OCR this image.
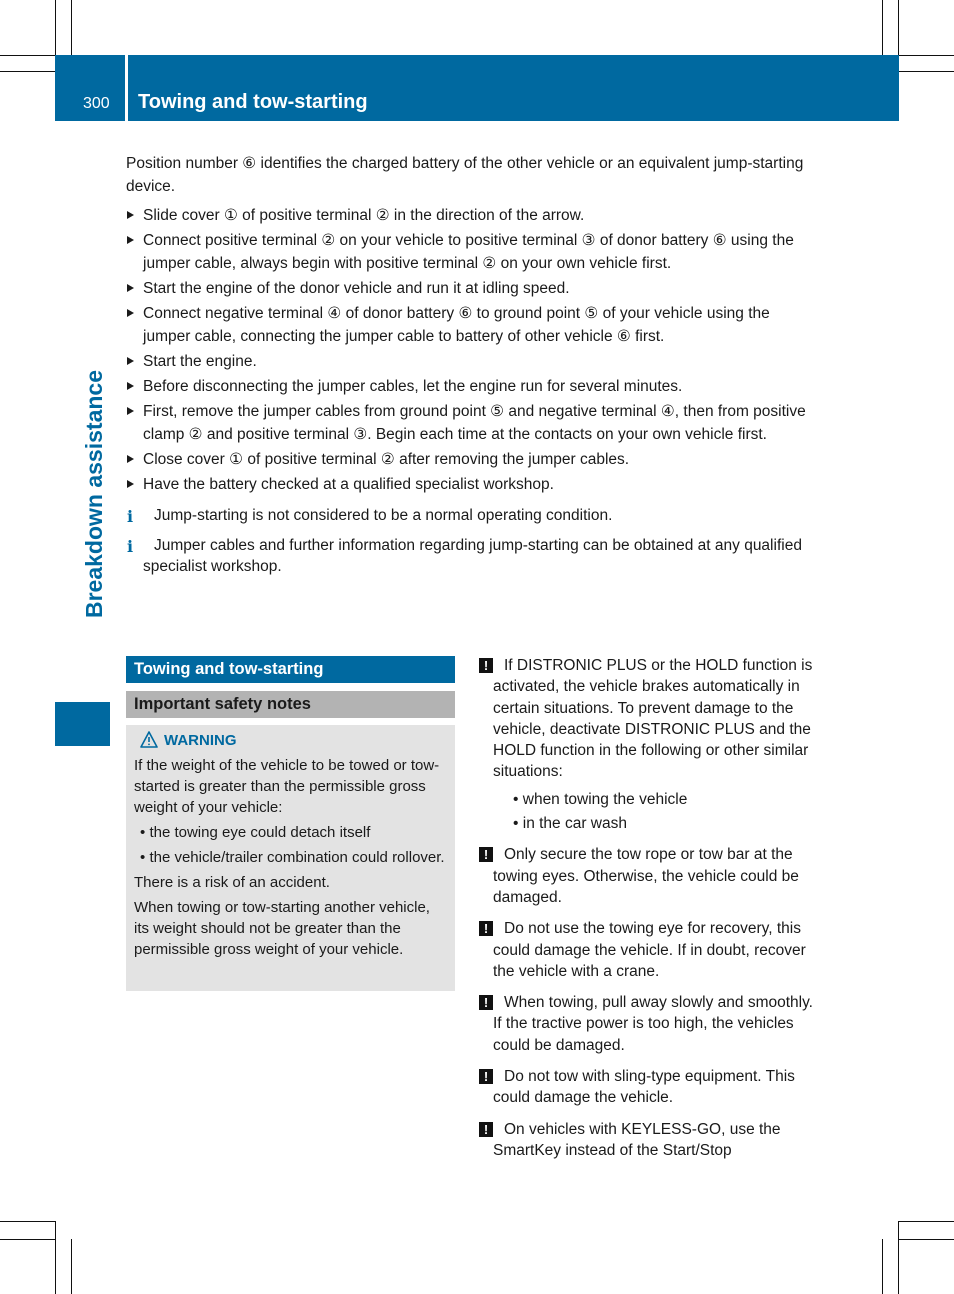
300 Towing and tow-starting
Breakdown assistance

Position number ⑥ identifies the charged battery of the other vehicle or an equivalent jump-starting device.

Slide cover ① of positive terminal ② in the direction of the arrow.
Connect positive terminal ② on your vehicle to positive terminal ③ of donor battery ⑥ using the jumper cable, always begin with positive terminal ② on your own vehicle first.
Start the engine of the donor vehicle and run it at idling speed.
Connect negative terminal ④ of donor battery ⑥ to ground point ⑤ of your vehicle using the jumper cable, connecting the jumper cable to battery of other vehicle ⑥ first.
Start the engine.
Before disconnecting the jumper cables, let the engine run for several minutes.
First, remove the jumper cables from ground point ⑤ and negative terminal ④, then from positive clamp ② and positive terminal ③. Begin each time at the contacts on your own vehicle first.
Close cover ① of positive terminal ② after removing the jumper cables.
Have the battery checked at a qualified specialist workshop.
i	Jump-starting is not considered to be a normal operating condition.

i	Jumper cables and further information regarding jump-starting can be obtained at any qualified specialist workshop.

Towing and tow-starting
Important safety notes
WARNING

If the weight of the vehicle to be towed or tow-started is greater than the permissible gross weight of your vehicle:

• the towing eye could detach itself
• the vehicle/trailer combination could rollover.

There is a risk of an accident.

When towing or tow-starting another vehicle, its weight should not be greater than the permissible gross weight of your vehicle.

!	If DISTRONIC PLUS or the HOLD function is activated, the vehicle brakes automatically in certain situations. To prevent damage to the vehicle, deactivate DISTRONIC PLUS and the HOLD function in the following or other similar situations:
• when towing the vehicle
• in the car wash
!	Only secure the tow rope or tow bar at the towing eyes. Otherwise, the vehicle could be damaged.
!	Do not use the towing eye for recovery, this could damage the vehicle. If in doubt, recover the vehicle with a crane.
!	When towing, pull away slowly and smoothly. If the tractive power is too high, the vehicles could be damaged.
!	Do not tow with sling-type equipment. This could damage the vehicle.
!	On vehicles with KEYLESS-GO, use the SmartKey instead of the Start/Stop
